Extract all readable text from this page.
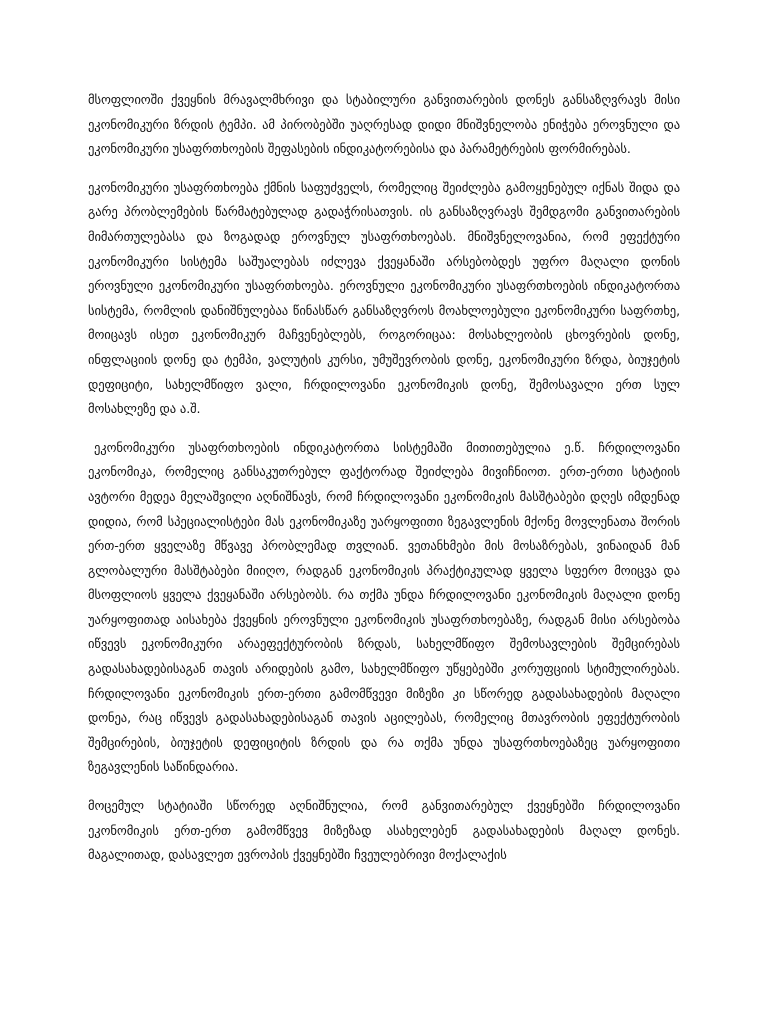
მსოფლიოში ქვეყნის მრავალმხრივი და სტაბილური განვითარების დონეს განსაზღვრავს მისი ეკონომიკური ზრდის ტემპი. ამ პირობებში უაღრესად დიდი მნიშვნელობა ენიჭება ეროვნული და ეკონომიკური უსაფრთხოების შეფასების ინდიკატორებისა და პარამეტრების ფორმირებას.

ეკონომიკური უსაფრთხოება ქმნის საფუძველს, რომელიც შეიძლება გამოყენებულ იქნას შიდა და გარე პრობლემების წარმატებულად გადაჭრისათვის. ის განსაზღვრავს შემდგომი განვითარების მიმართულებასა და ზოგადად ეროვნულ უსაფრთხოებას. მნიშვნელოვანია, რომ ეფექტური ეკონომიკური სისტემა საშუალებას იძლევა ქვეყანაში არსებობდეს უფრო მაღალი დონის ეროვნული ეკონომიკური უსაფრთხოება. ეროვნული ეკონომიკური უსაფრთხოების ინდიკატორთა სისტემა, რომლის დანიშნულებაა წინასწარ განსაზღვროს მოახლოებული ეკონომიკური საფრთხე, მოიცავს ისეთ ეკონომიკურ მაჩვენებლებს, როგორიცაა: მოსახლეობის ცხოვრების დონე, ინფლაციის დონე და ტემპი, ვალუტის კურსი, უმუშევრობის დონე, ეკონომიკური ზრდა, ბიუჯეტის დეფიციტი, სახელმწიფო ვალი, ჩრდილოვანი ეკონომიკის დონე, შემოსავალი ერთ სულ მოსახლეზე და ა.შ.

ეკონომიკური უსაფრთხოების ინდიკატორთა სისტემაში მითითებულია ე.წ. ჩრდილოვანი ეკონომიკა, რომელიც განსაკუთრებულ ფაქტორად შეიძლება მივიჩნიოთ. ერთ-ერთი სტატიის ავტორი მედეა მელაშვილი აღნიშნავს, რომ ჩრდილოვანი ეკონომიკის მასშტაბები დღეს იმდენად დიდია, რომ სპეციალისტები მას ეკონომიკაზე უარყოფითი ზეგავლენის მქონე მოვლენათა შორის ერთ-ერთ ყველაზე მწვავე პრობლემად თვლიან. ვეთანხმები მის მოსაზრებას, ვინაიდან მან გლობალური მასშტაბები მიიღო, რადგან ეკონომიკის პრაქტიკულად ყველა სფერო მოიცვა და მსოფლიოს ყველა ქვეყანაში არსებობს. რა თქმა უნდა ჩრდილოვანი ეკონომიკის მაღალი დონე უარყოფითად აისახება ქვეყნის ეროვნული ეკონომიკის უსაფრთხოებაზე, რადგან მისი არსებობა იწვევს ეკონომიკური არაეფექტურობის ზრდას, სახელმწიფო შემოსავლების შემცირებას გადასახადებისაგან თავის არიდების გამო, სახელმწიფო უწყებებში კორუფციის სტიმულირებას. ჩრდილოვანი ეკონომიკის ერთ-ერთი გამომწვევი მიზეზი კი სწორედ გადასახადების მაღალი დონეა, რაც იწვევს გადასახადებისაგან თავის აცილებას, რომელიც მთავრობის ეფექტურობის შემცირების, ბიუჯეტის დეფიციტის ზრდის და რა თქმა უნდა უსაფრთხოებაზეც უარყოფითი ზეგავლენის საწინდარია.

მოცემულ სტატიაში სწორედ აღნიშნულია, რომ განვითარებულ ქვეყნებში ჩრდილოვანი ეკონომიკის ერთ-ერთ გამომწვევ მიზეზად ასახელებენ გადასახადების მაღალ დონეს. მაგალითად, დასავლეთ ევროპის ქვეყნებში ჩვეულებრივი მოქალაქის
